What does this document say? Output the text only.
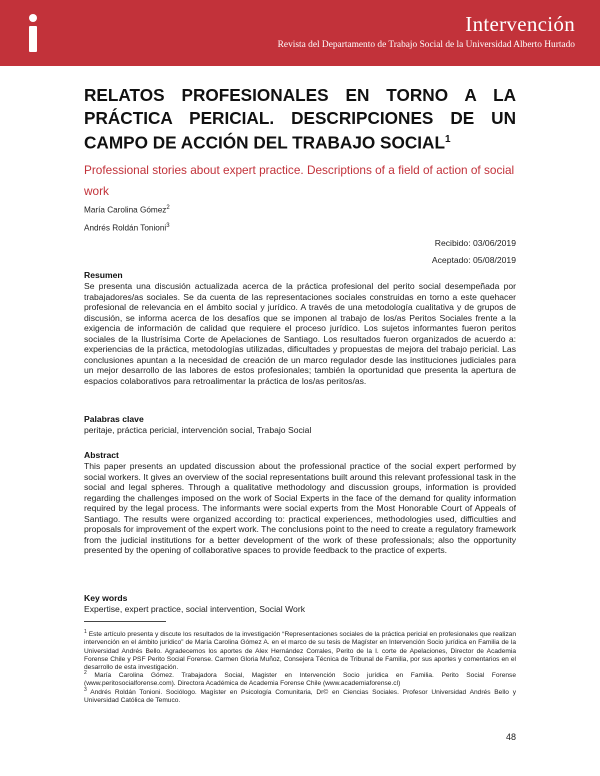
Intervención
Revista del Departamento de Trabajo Social de la Universidad Alberto Hurtado
RELATOS PROFESIONALES EN TORNO A LA PRÁCTICA PERICIAL. DESCRIPCIONES DE UN CAMPO DE ACCIÓN DEL TRABAJO SOCIAL$^1$
Professional stories about expert practice. Descriptions of a field of action of social work
María Carolina Gómez$^2$
Andrés Roldán Tonioni$^3$
Recibido: 03/06/2019
Aceptado: 05/08/2019
Resumen
Se presenta una discusión actualizada acerca de la práctica profesional del perito social desempeñada por trabajadores/as sociales. Se da cuenta de las representaciones sociales construidas en torno a este quehacer profesional de relevancia en el ámbito social y jurídico. A través de una metodología cualitativa y de grupos de discusión, se informa acerca de los desafíos que se imponen al trabajo de los/as Peritos Sociales frente a la exigencia de información de calidad que requiere el proceso jurídico. Los sujetos informantes fueron peritos sociales de la Ilustrísima Corte de Apelaciones de Santiago. Los resultados fueron organizados de acuerdo a: experiencias de la práctica, metodologías utilizadas, dificultades y propuestas de mejora del trabajo pericial. Las conclusiones apuntan a la necesidad de creación de un marco regulador desde las instituciones judiciales para un mejor desarrollo de las labores de estos profesionales; también la oportunidad que presenta la apertura de espacios colaborativos para retroalimentar la práctica de los/as peritos/as.
Palabras clave
peritaje, práctica pericial, intervención social, Trabajo Social
Abstract
This paper presents an updated discussion about the professional practice of the social expert performed by social workers. It gives an overview of the social representations built around this relevant professional task in the social and legal spheres. Through a qualitative methodology and discussion groups, information is provided regarding the challenges imposed on the work of Social Experts in the face of the demand for quality information required by the legal process. The informants were social experts from the Most Honorable Court of Appeals of Santiago. The results were organized according to: practical experiences, methodologies used, difficulties and proposals for improvement of the expert work. The conclusions point to the need to create a regulatory framework from the judicial institutions for a better development of the work of these professionals; also the opportunity presented by the opening of collaborative spaces to provide feedback to the practice of experts.
Key words
Expertise, expert practice, social intervention, Social Work
$^1$ Este artículo presenta y discute los resultados de la investigación “Representaciones sociales de la práctica pericial en profesionales que realizan intervención en el ámbito jurídico” de María Carolina Gómez A. en el marco de su tesis de Magíster en Intervención Socio jurídica en Familia de la Universidad Andrés Bello. Agradecemos los aportes de Alex Hernández Corrales, Perito de la I. corte de Apelaciones, Director de Academia Forense Chile y PSF Perito Social Forense. Carmen Gloria Muñoz, Consejera Técnica de Tribunal de Familia, por sus aportes y comentarios en el desarrollo de esta investigación.
$^2$ María Carolina Gómez. Trabajadora Social, Magister en Intervención Socio jurídica en Familia. Perito Social Forense (www.peritosocialforense.com). Directora Académica de Academia Forense Chile (www.academiaforense.cl)
$^3$ Andrés Roldán Tonioni. Sociólogo. Magíster en Psicología Comunitaria, Dr© en Ciencias Sociales. Profesor Universidad Andrés Bello y Universidad Católica de Temuco.
48
